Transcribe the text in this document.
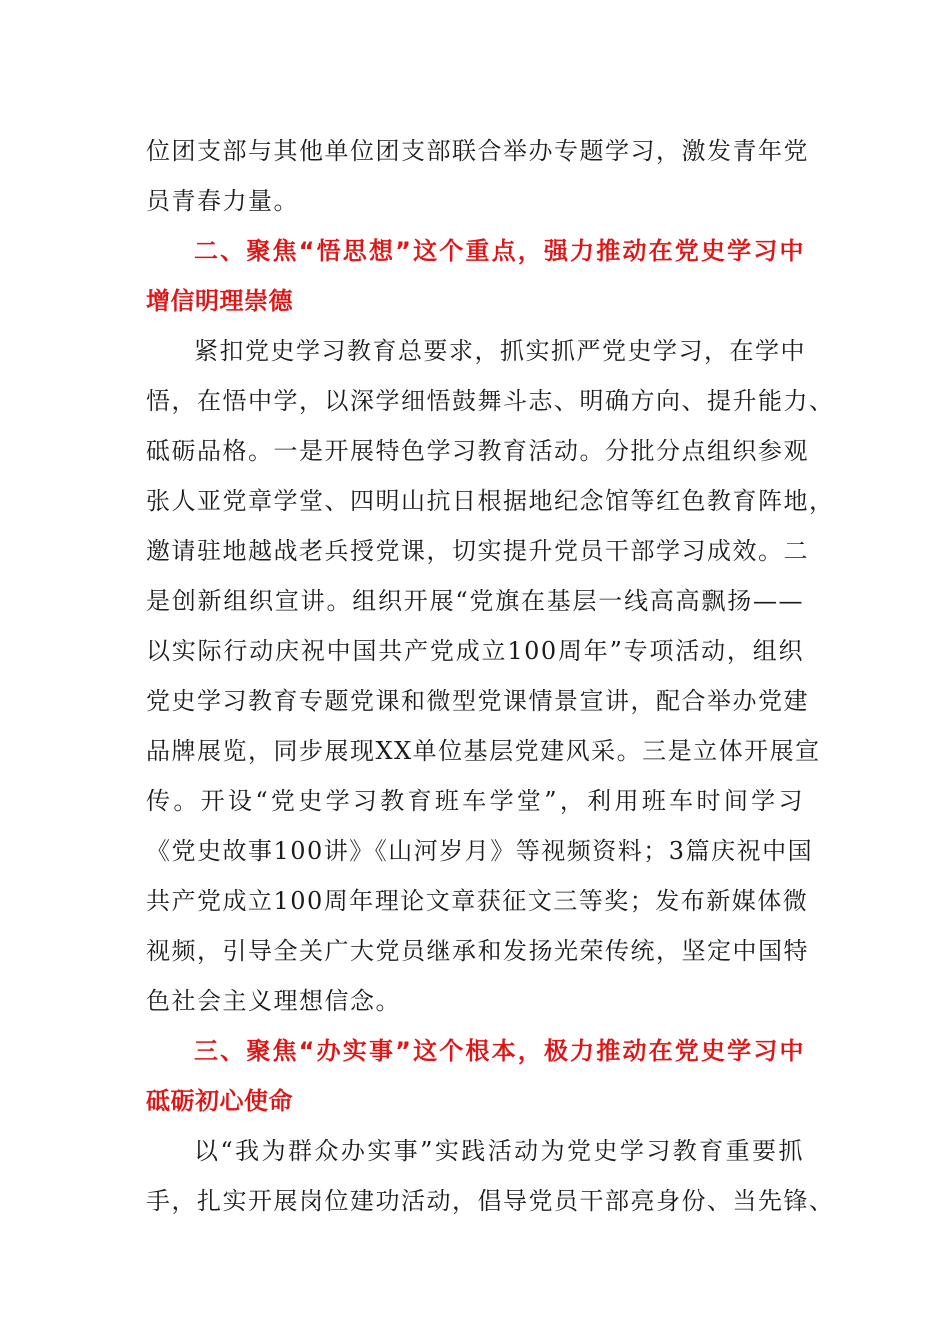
位团支部与其他单位团支部联合举办专题学习，激发青年党
员青春力量。
二、聚焦“悟思想”这个重点，强力推动在党史学习中
增信明理崇德
紧扣党史学习教育总要求，抓实抓严党史学习，在学中
悟，在悟中学，以深学细悟鼓舞斗志、明确方向、提升能力、
砥砺品格。一是开展特色学习教育活动。分批分点组织参观
张人亚党章学堂、四明山抗日根据地纪念馆等红色教育阵地，
邀请驻地越战老兵授党课，切实提升党员干部学习成效。二
是创新组织宣讲。组织开展“党旗在基层一线高高飘扬——
以实际行动庆祝中国共产党成立100周年”专项活动，组织
党史学习教育专题党课和微型党课情景宣讲，配合举办党建
品牌展览，同步展现XX单位基层党建风采。三是立体开展宣
传。开设“党史学习教育班车学堂”，利用班车时间学习
《党史故事100讲》《山河岁月》等视频资料；3篇庆祝中国
共产党成立100周年理论文章获征文三等奖；发布新媒体微
视频，引导全关广大党员继承和发扬光荣传统，坚定中国特
色社会主义理想信念。
三、聚焦“办实事”这个根本，极力推动在党史学习中
砥砺初心使命
以“我为群众办实事”实践活动为党史学习教育重要抓
手，扎实开展岗位建功活动，倡导党员干部亮身份、当先锋、
